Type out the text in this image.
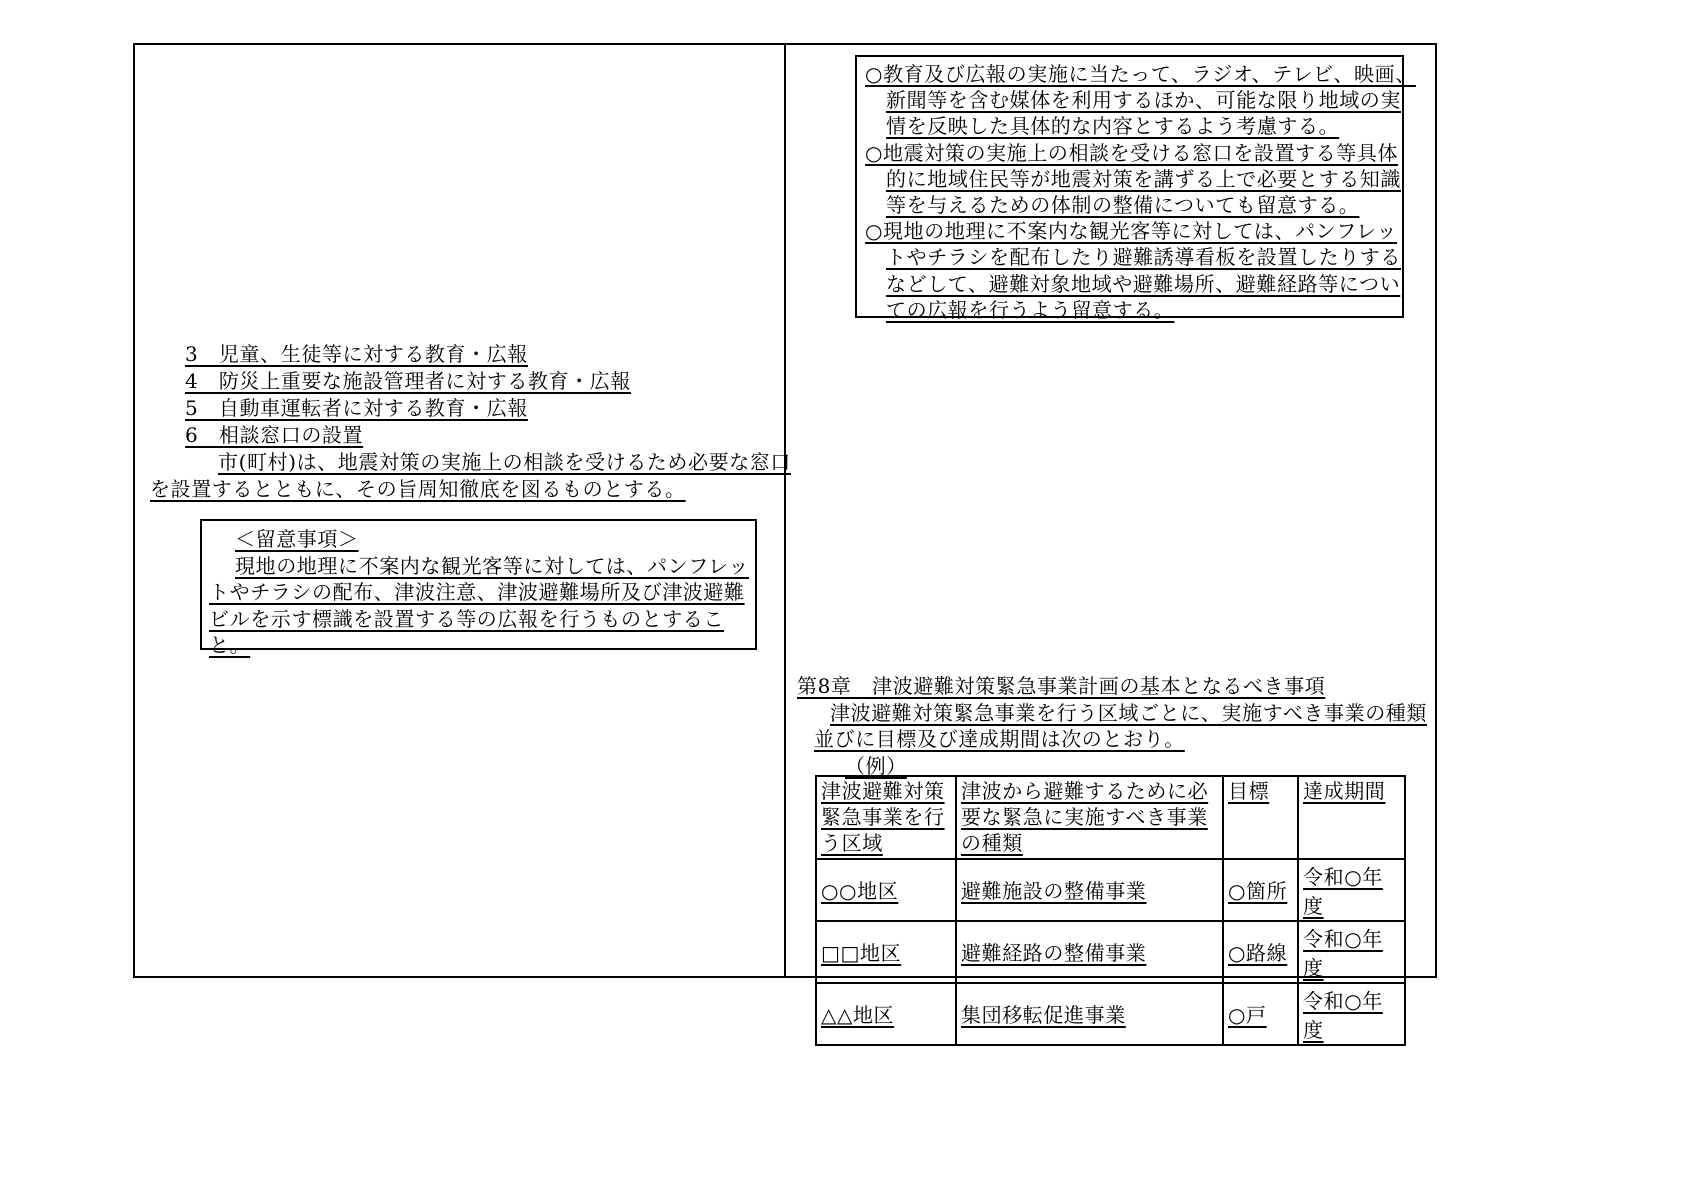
○教育及び広報の実施に当たって、ラジオ、テレビ、映画、
新聞等を含む媒体を利用するほか、可能な限り地域の実
情を反映した具体的な内容とするよう考慮する。
○地震対策の実施上の相談を受ける窓口を設置する等具体
的に地域住民等が地震対策を講ずる上で必要とする知識
等を与えるための体制の整備についても留意する。
○現地の地理に不案内な観光客等に対しては、パンフレッ
トやチラシを配布したり避難誘導看板を設置したりする
などして、避難対象地域や避難場所、避難経路等につい
ての広報を行うよう留意する。
3　児童、生徒等に対する教育・広報
4　防災上重要な施設管理者に対する教育・広報
5　自動車運転者に対する教育・広報
6　相談窓口の設置
市(町村)は、地震対策の実施上の相談を受けるため必要な窓口
を設置するとともに、その旨周知徹底を図るものとする。
＜留意事項＞
現地の地理に不案内な観光客等に対しては、パンフレッ
トやチラシの配布、津波注意、津波避難場所及び津波避難
ビルを示す標識を設置する等の広報を行うものとするこ
と。
第8章　津波避難対策緊急事業計画の基本となるべき事項
津波避難対策緊急事業を行う区域ごとに、実施すべき事業の種類
並びに目標及び達成期間は次のとおり。
（例）
津波避難対策緊急事業を行う区域	津波から避難するために必要な緊急に実施すべき事業の種類	目標	達成期間
○○地区	避難施設の整備事業	○箇所	令和○年度
□□地区	避難経路の整備事業	○路線	令和○年度
△△地区	集団移転促進事業	○戸	令和○年度
